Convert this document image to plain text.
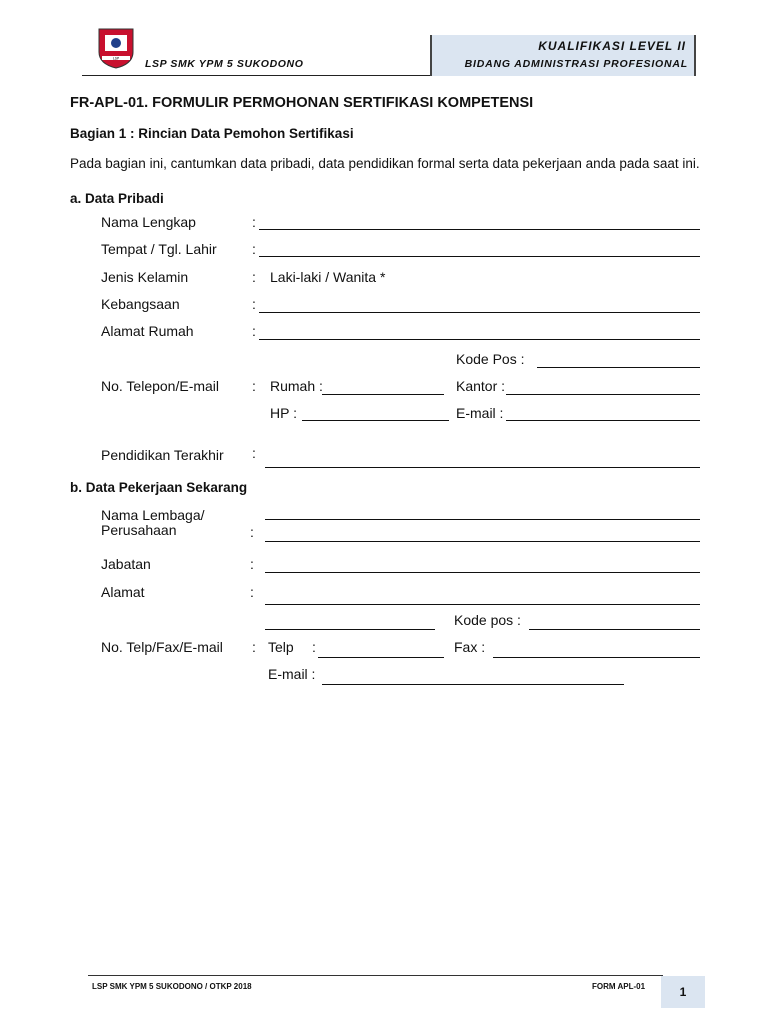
LSP LSP SMK YPM 5 SUKODONO
KUALIFIKASI LEVEL II
BIDANG ADMINISTRASI PROFESIONAL
FR-APL-01. FORMULIR PERMOHONAN SERTIFIKASI KOMPETENSI
Bagian 1 : Rincian Data Pemohon Sertifikasi
Pada bagian ini, cantumkan data pribadi, data pendidikan formal serta data pekerjaan anda pada saat ini.
a. Data Pribadi
Nama Lengkap	:
Tempat / Tgl. Lahir	:
Jenis Kelamin	: Laki-laki / Wanita *
Kebangsaan	:
Alamat Rumah	:
Kode Pos :
No. Telepon/E-mail : Rumah :	Kantor :
HP :	E-mail :
Pendidikan Terakhir :
b. Data Pekerjaan Sekarang
Nama Lembaga/
Perusahaan	:
Jabatan	:
Alamat	:
Kode pos :
No. Telp/Fax/E-mail : Telp :	Fax :
E-mail :
LSP SMK YPM 5 SUKODONO / OTKP 2018	FORM APL-01	1
